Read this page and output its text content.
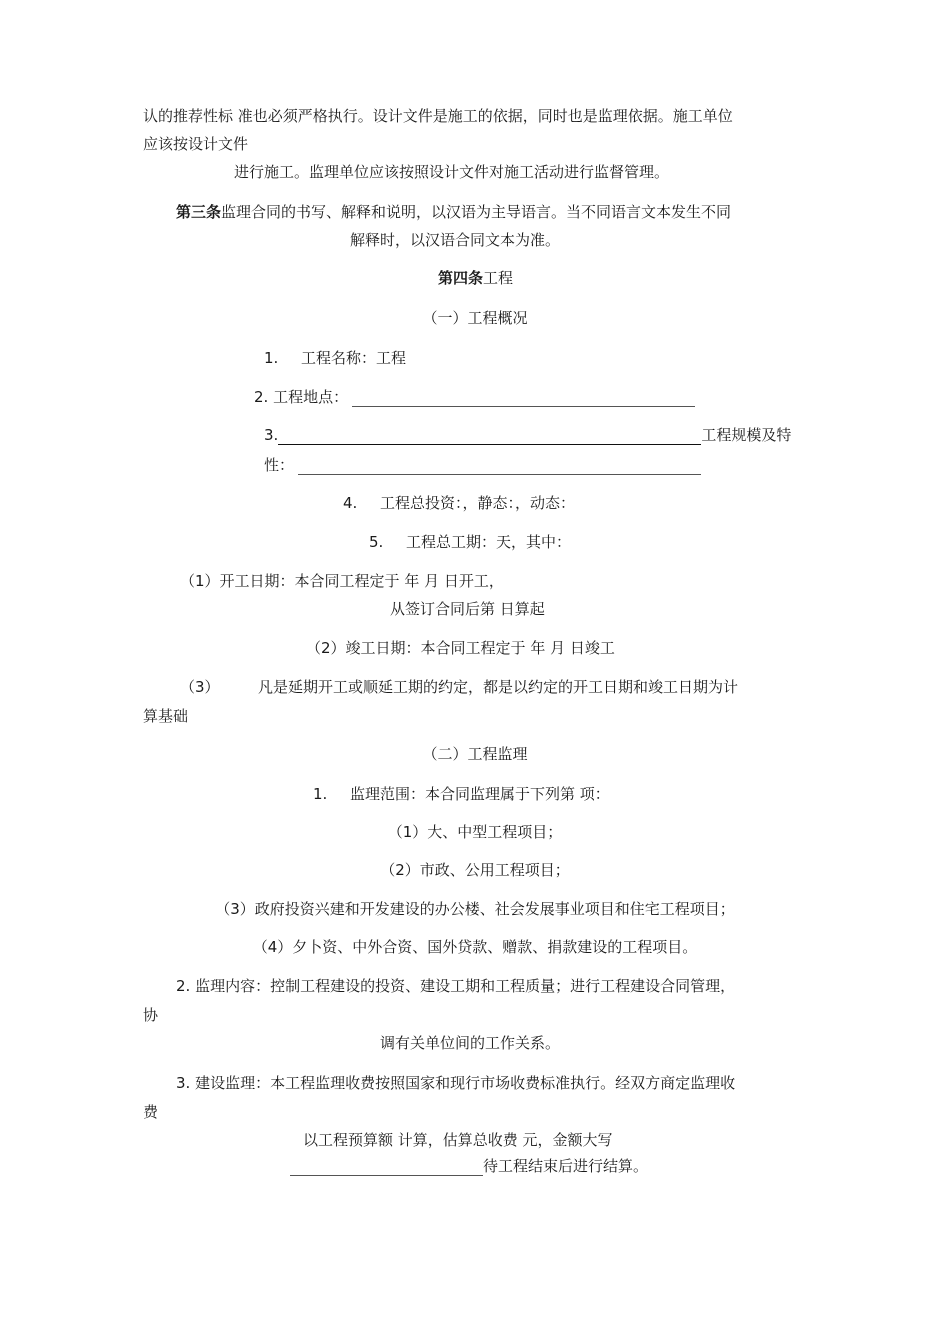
认的推荐性标 准也必须严格执行。设计文件是施工的依据，同时也是监理依据。施工单位
应该按设计文件
进行施工。监理单位应该按照设计文件对施工活动进行监督管理。
第三条监理合同的书写、解释和说明，以汉语为主导语言。当不同语言文本发生不同
解释时，以汉语合同文本为准。
第四条工程
（一）工程概况
1. 工程名称：工程
2. 工程地点：
3.	工程规模及特
性：
4. 工程总投资：，静态：，动态：
5. 工程总工期：天，其中：
（1）开工日期：本合同工程定于 年 月 日开工，
从签订合同后第 日算起
（2）竣工日期：本合同工程定于 年 月 日竣工
（3）	凡是延期开工或顺延工期的约定，都是以约定的开工日期和竣工日期为计
算基础
（二）工程监理
1. 监理范围：本合同监理属于下列第 项：
（1）大、中型工程项目；
（2）市政、公用工程项目；
（3）政府投资兴建和开发建设的办公楼、社会发展事业项目和住宅工程项目；
（4）夕卜资、中外合资、国外贷款、赠款、捐款建设的工程项目。
2. 监理内容：控制工程建设的投资、建设工期和工程质量；进行工程建设合同管理，
协
调有关单位间的工作关系。
3. 建设监理：本工程监理收费按照国家和现行市场收费标准执行。经双方商定监理收
费
以工程预算额 计算，估算总收费 元，金额大写
待工程结束后进行结算。
